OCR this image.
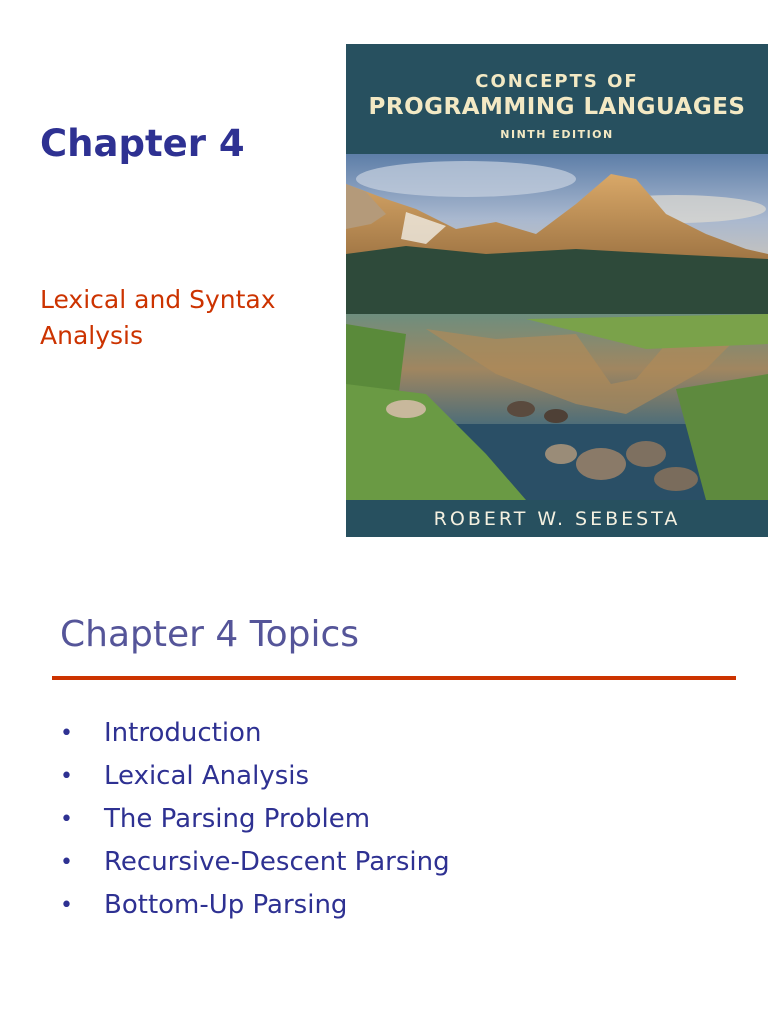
Chapter 4

Lexical and Syntax Analysis

CONCEPTS OF
PROGRAMMING LANGUAGES
NINTH EDITION
ROBERT W. SEBESTA
Chapter 4 Topics
• Introduction
• Lexical Analysis
• The Parsing Problem
• Recursive-Descent Parsing
• Bottom-Up Parsing
